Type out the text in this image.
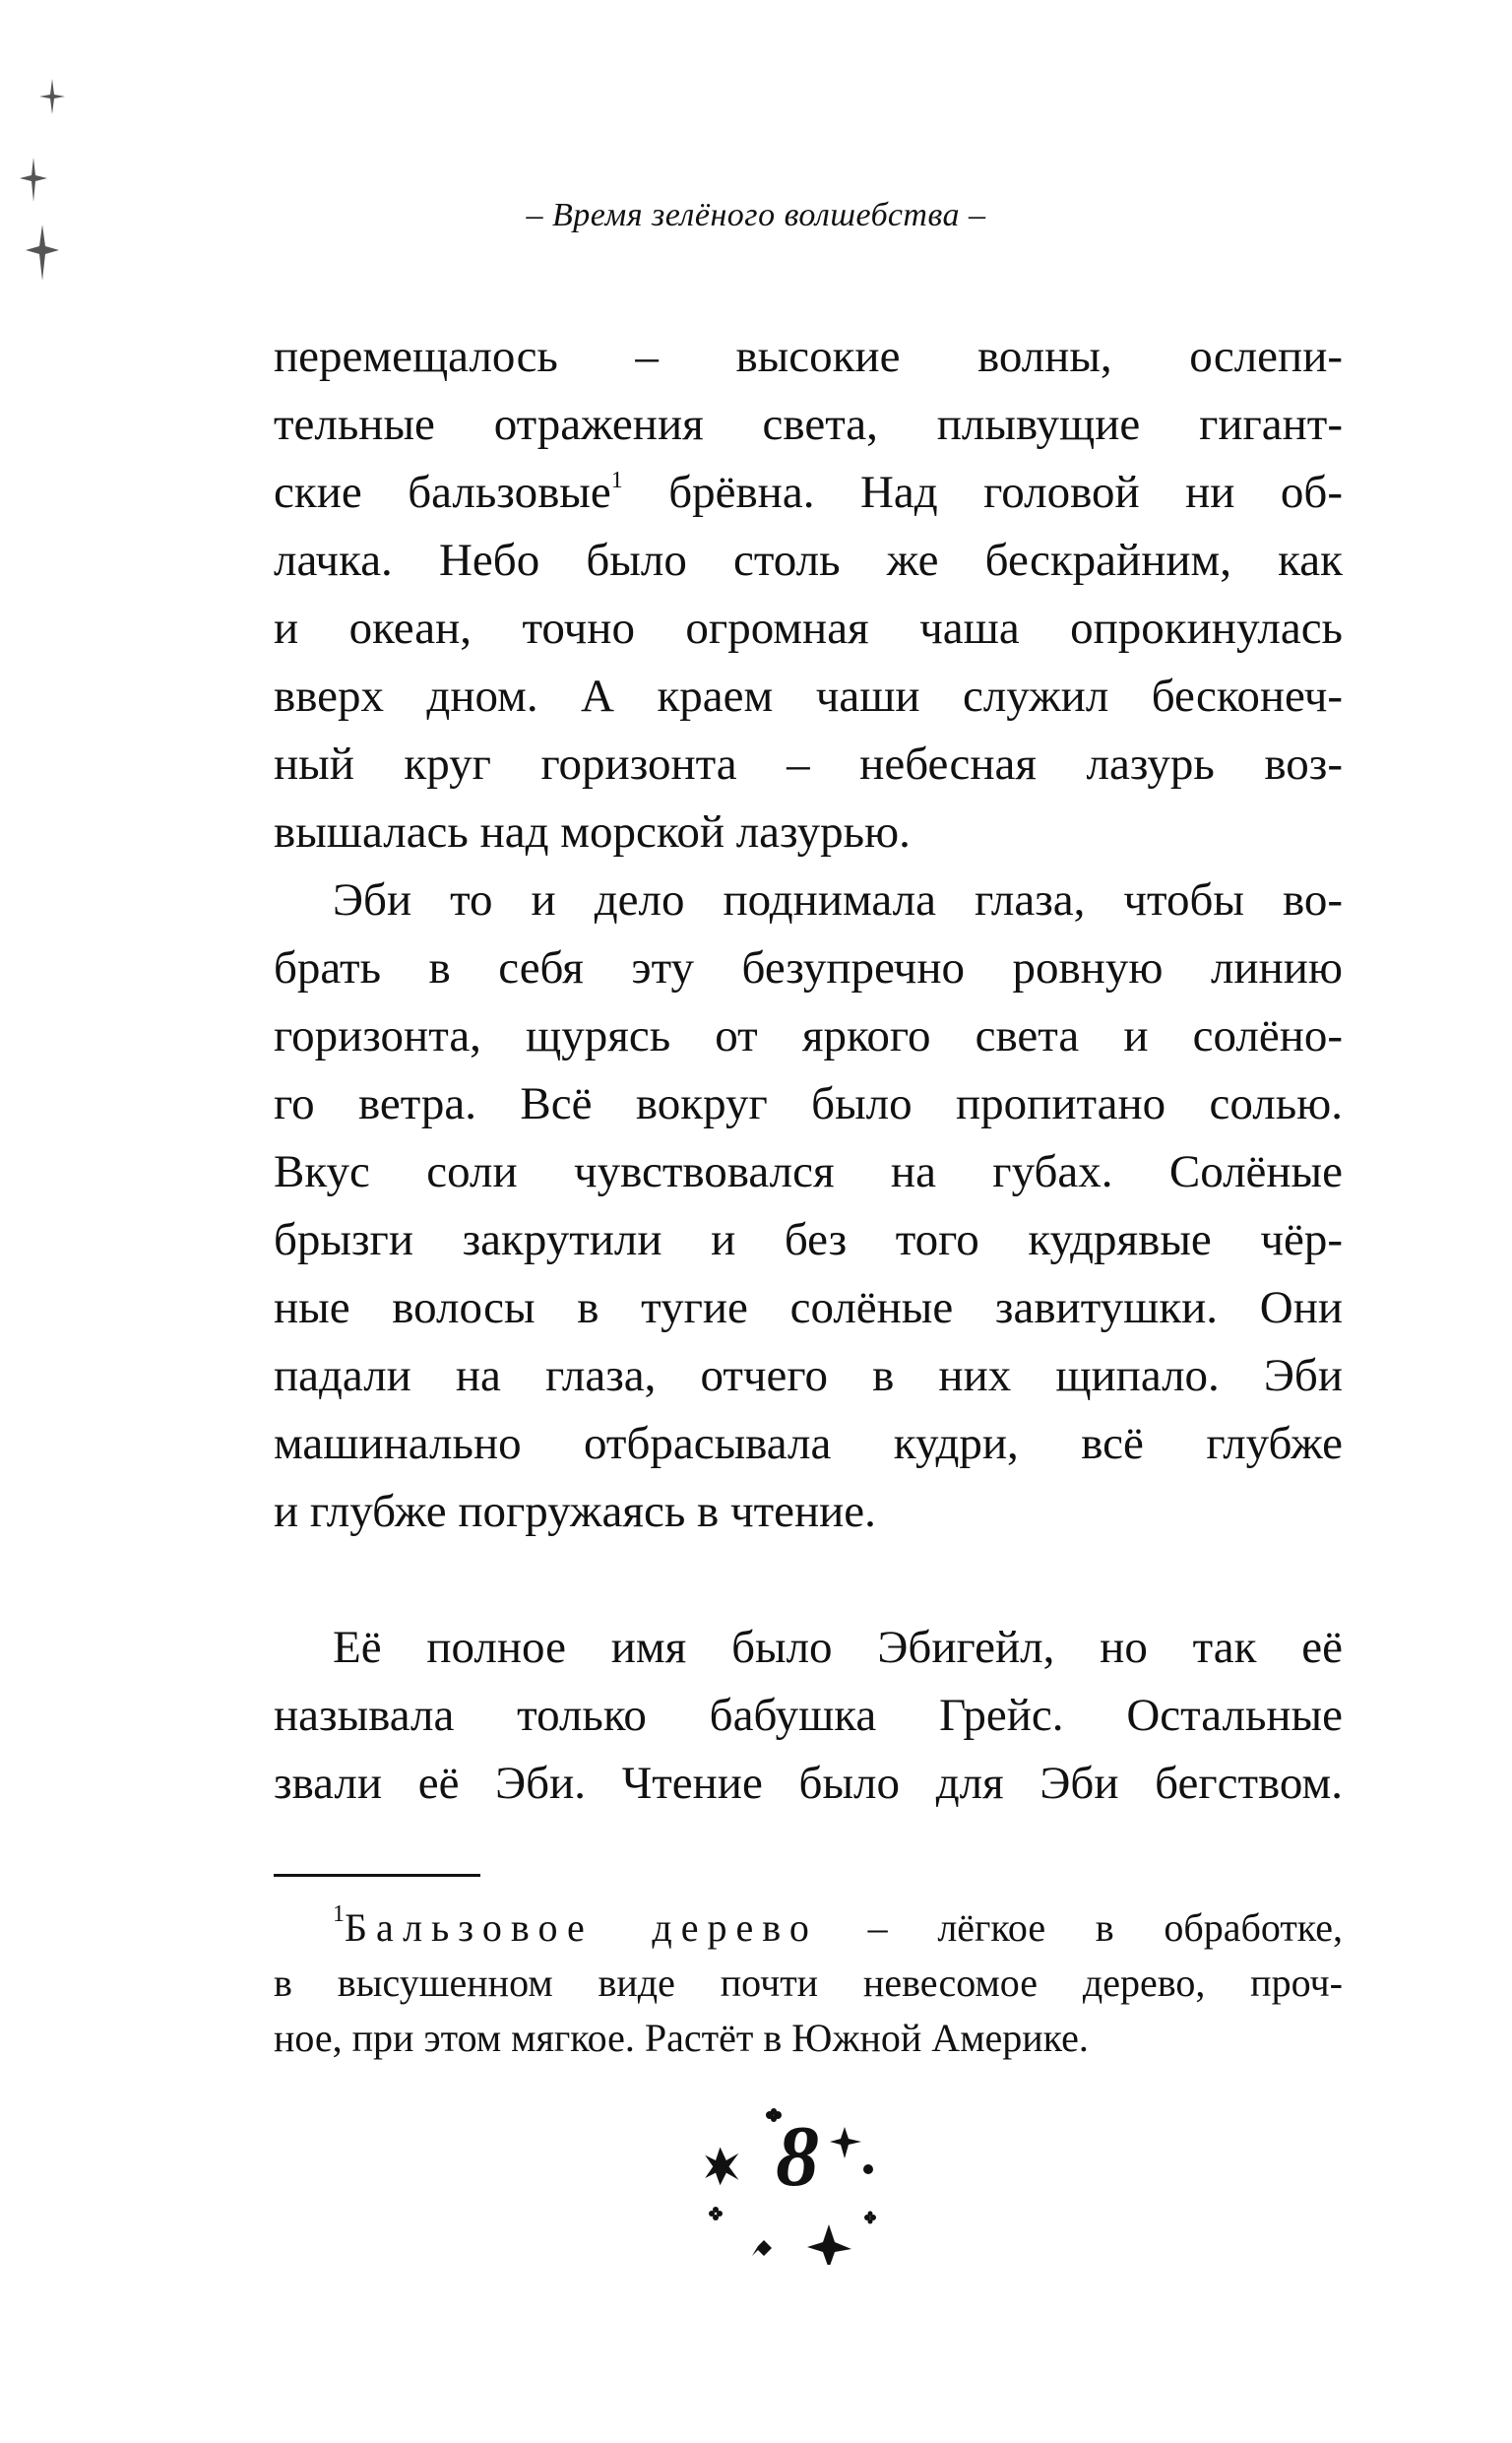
– Время зелёного волшебства –
перемещалось – высокие волны, ослепи-
тельные отражения света, плывущие гигант-
ские бальзовые$^1$ брёвна. Над головой ни об-
лачка. Небо было столь же бескрайним, как
и океан, точно огромная чаша опрокинулась
вверх дном. А краем чаши служил бесконеч-
ный круг горизонта – небесная лазурь воз-
вышалась над морской лазурью.
Эби то и дело поднимала глаза, чтобы во-
брать в себя эту безупречно ровную линию
горизонта, щурясь от яркого света и солёно-
го ветра. Всё вокруг было пропитано солью.
Вкус соли чувствовался на губах. Солёные
брызги закрутили и без того кудрявые чёр-
ные волосы в тугие солёные завитушки. Они
падали на глаза, отчего в них щипало. Эби
машинально отбрасывала кудри, всё глубже
и глубже погружаясь в чтение.
Её полное имя было Эбигейл, но так её
называла только бабушка Грейс. Остальные
звали её Эби. Чтение было для Эби бегством.
$^1$Бальзовое дерево – лёгкое в обработке,
в высушенном виде почти невесомое дерево, проч-
ное, при этом мягкое. Растёт в Южной Америке.
8
